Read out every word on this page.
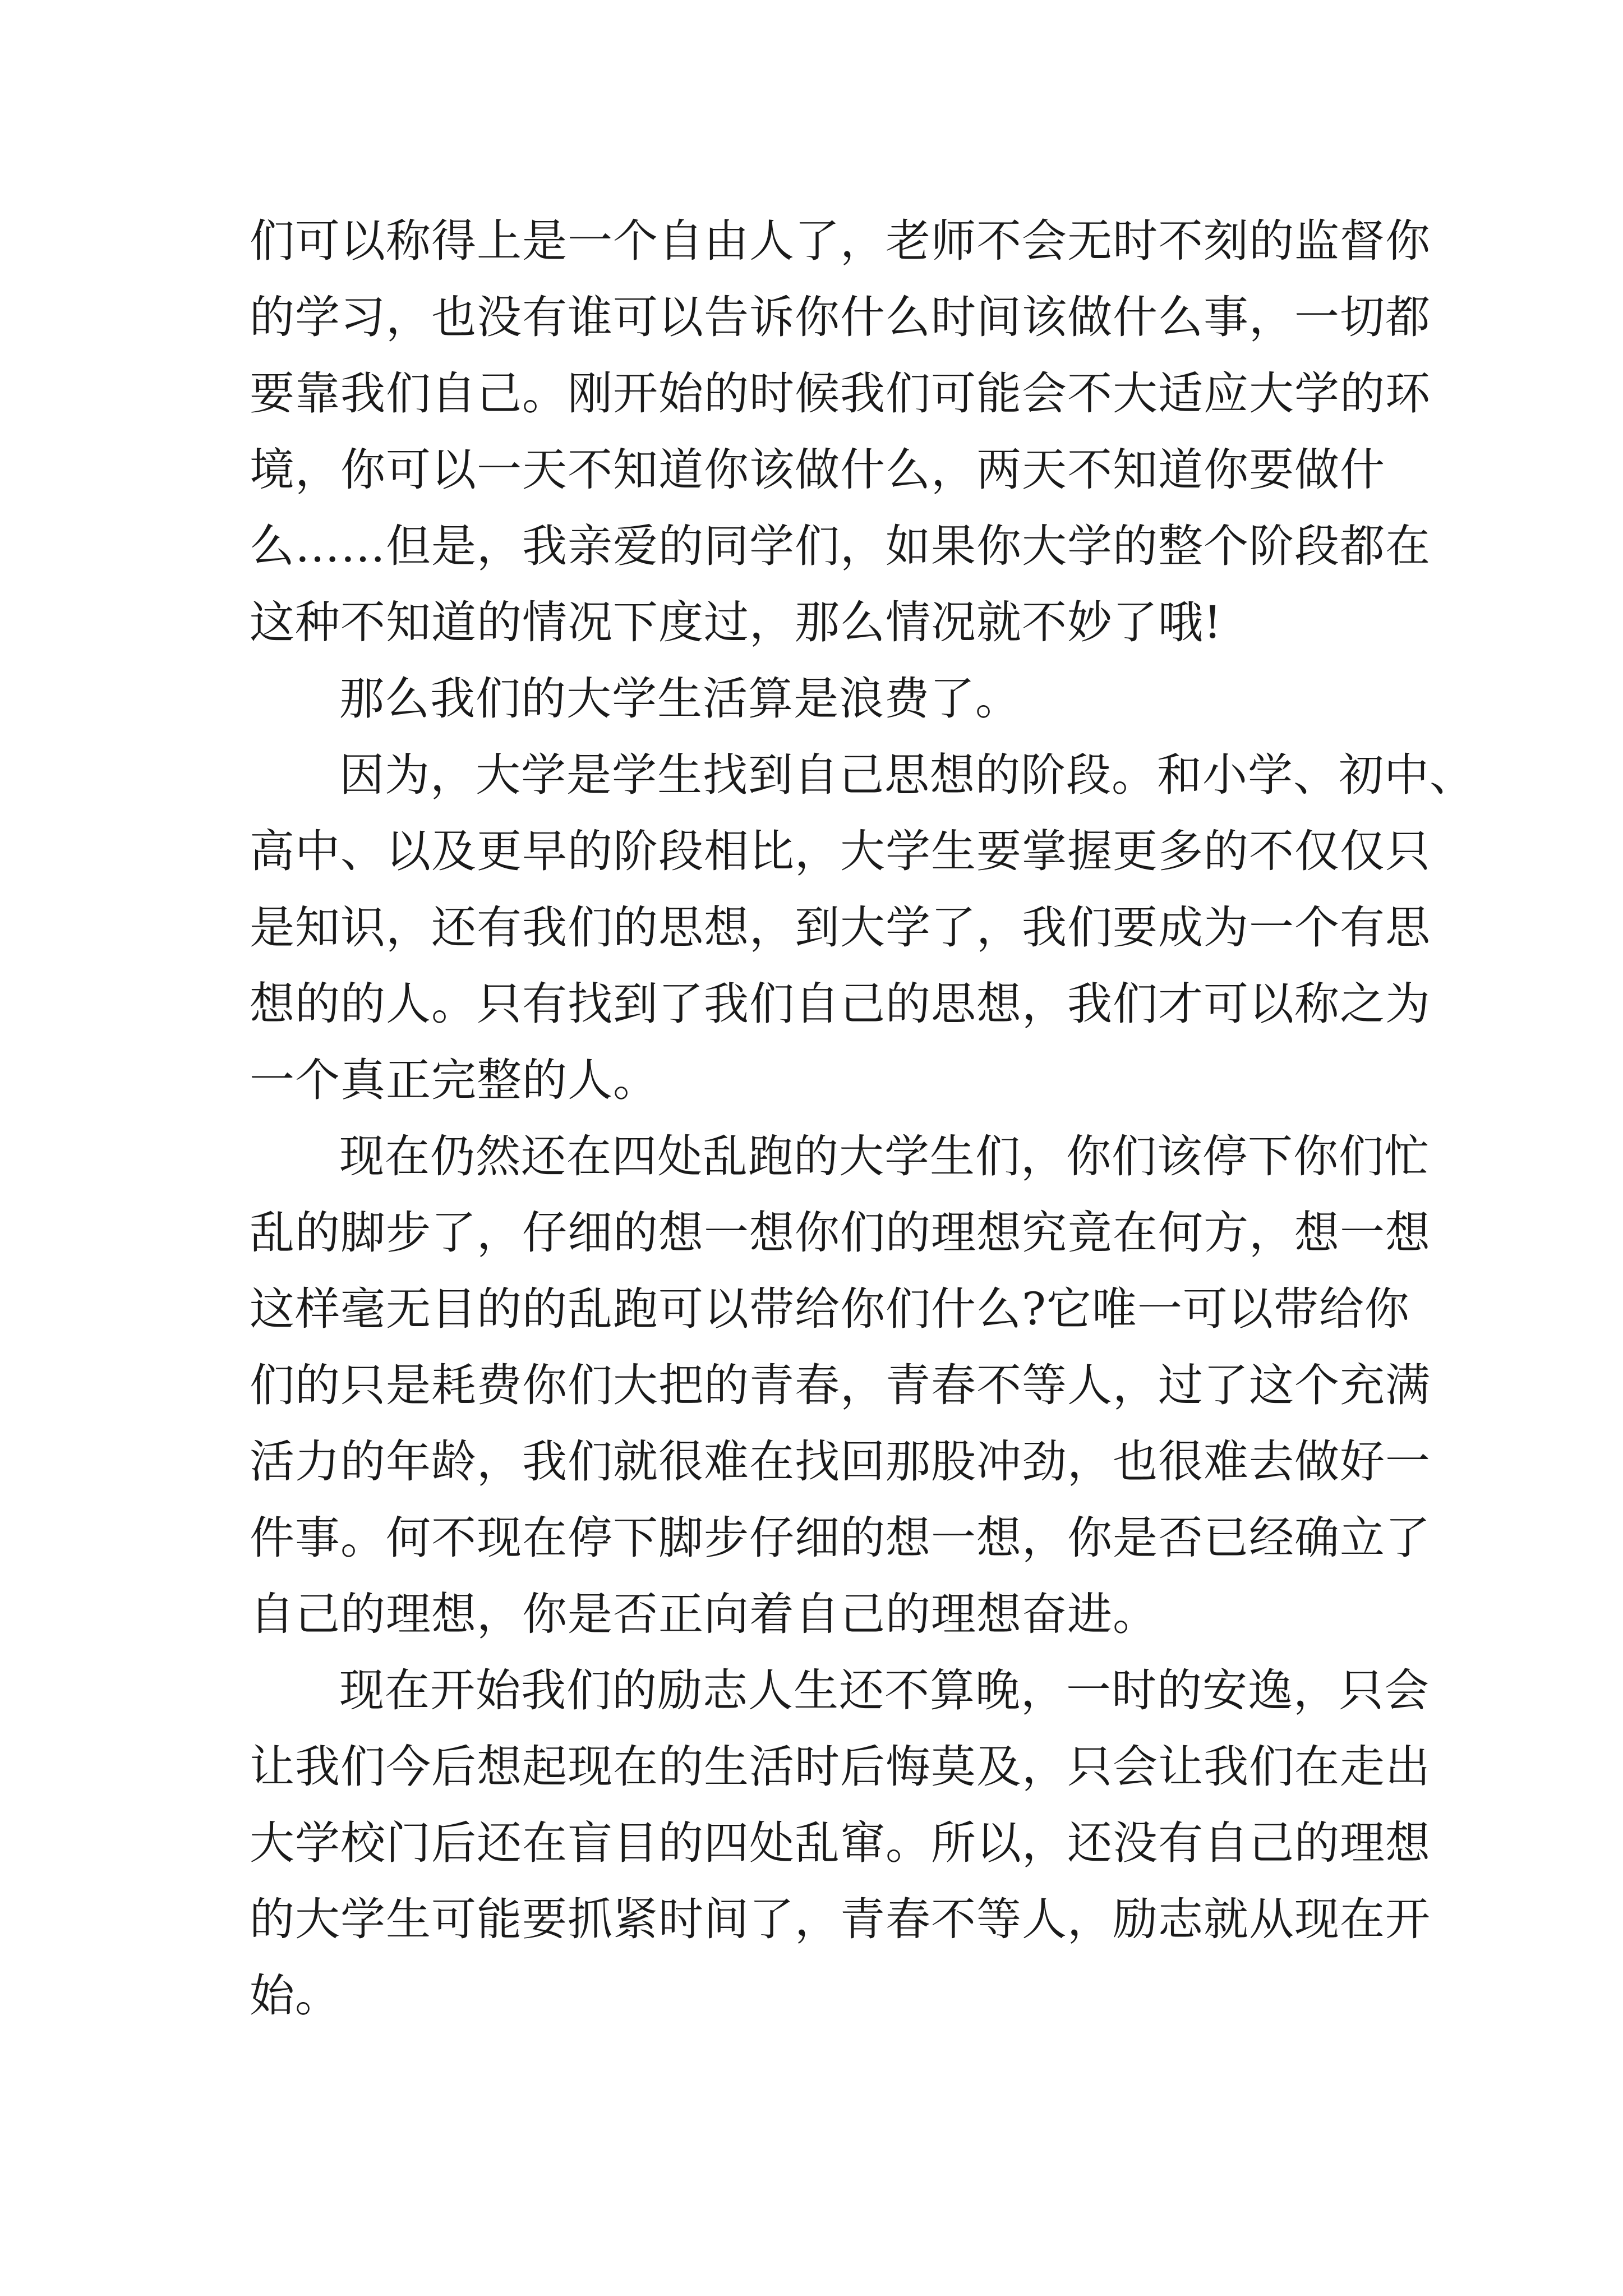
们可以称得上是一个自由人了，老师不会无时不刻的监督你
的学习，也没有谁可以告诉你什么时间该做什么事，一切都
要靠我们自己。刚开始的时候我们可能会不大适应大学的环
境，你可以一天不知道你该做什么，两天不知道你要做什
么……但是，我亲爱的同学们，如果你大学的整个阶段都在
这种不知道的情况下度过，那么情况就不妙了哦!
那么我们的大学生活算是浪费了。
因为，大学是学生找到自己思想的阶段。和小学、初中、
高中、以及更早的阶段相比，大学生要掌握更多的不仅仅只
是知识，还有我们的思想，到大学了，我们要成为一个有思
想的的人。只有找到了我们自己的思想，我们才可以称之为
一个真正完整的人。
现在仍然还在四处乱跑的大学生们，你们该停下你们忙
乱的脚步了，仔细的想一想你们的理想究竟在何方，想一想
这样毫无目的的乱跑可以带给你们什么?它唯一可以带给你
们的只是耗费你们大把的青春，青春不等人，过了这个充满
活力的年龄，我们就很难在找回那股冲劲，也很难去做好一
件事。何不现在停下脚步仔细的想一想，你是否已经确立了
自己的理想，你是否正向着自己的理想奋进。
现在开始我们的励志人生还不算晚，一时的安逸，只会
让我们今后想起现在的生活时后悔莫及，只会让我们在走出
大学校门后还在盲目的四处乱窜。所以，还没有自己的理想
的大学生可能要抓紧时间了，青春不等人，励志就从现在开
始。
